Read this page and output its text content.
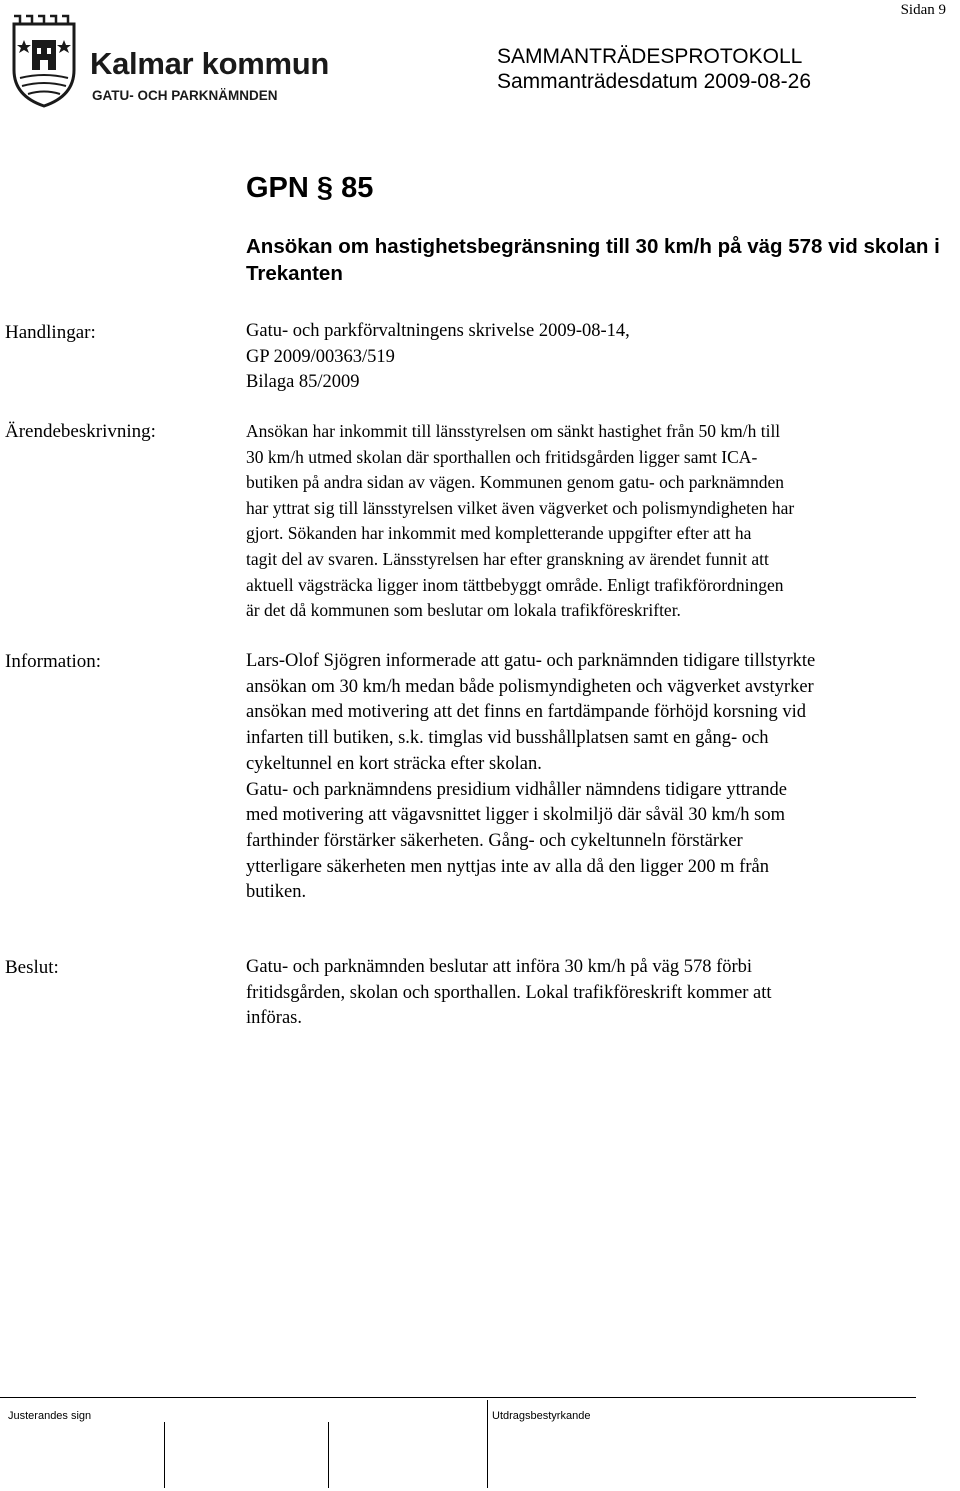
Sidan 9
Kalmar kommun
GATU- OCH PARKNÄMNDEN
SAMMANTRÄDESPROTOKOLL
Sammanträdesdatum 2009-08-26
GPN § 85
Ansökan om hastighetsbegränsning till 30 km/h på väg 578 vid skolan i Trekanten
Handlingar:	Gatu- och parkförvaltningens skrivelse 2009-08-14,
GP 2009/00363/519
Bilaga 85/2009
Ärendebeskrivning:	Ansökan har inkommit till länsstyrelsen om sänkt hastighet från 50 km/h till
30 km/h utmed skolan där sporthallen och fritidsgården ligger samt ICA-
butiken på andra sidan av vägen. Kommunen genom gatu- och parknämnden
har yttrat sig till länsstyrelsen vilket även vägverket och polismyndigheten har
gjort. Sökanden har inkommit med kompletterande uppgifter efter att ha
tagit del av svaren. Länsstyrelsen har efter granskning av ärendet funnit att
aktuell vägsträcka ligger inom tättbebyggt område. Enligt trafikförordningen
är det då kommunen som beslutar om lokala trafikföreskrifter.
Information:	Lars-Olof Sjögren informerade att gatu- och parknämnden tidigare tillstyrkte
ansökan om 30 km/h medan både polismyndigheten och vägverket avstyrker
ansökan med motivering att det finns en fartdämpande förhöjd korsning vid
infarten till butiken, s.k. timglas vid busshållplatsen samt en gång- och
cykeltunnel en kort sträcka efter skolan.
Gatu- och parknämndens presidium vidhåller nämndens tidigare yttrande
med motivering att vägavsnittet ligger i skolmiljö där såväl 30 km/h som
farthinder förstärker säkerheten. Gång- och cykeltunneln förstärker
ytterligare säkerheten men nyttjas inte av alla då den ligger 200 m från
butiken.
Beslut:	Gatu- och parknämnden beslutar att införa 30 km/h på väg 578 förbi
fritidsgården, skolan och sporthallen. Lokal trafikföreskrift kommer att
införas.
Justerandes sign	Utdragsbestyrkande
